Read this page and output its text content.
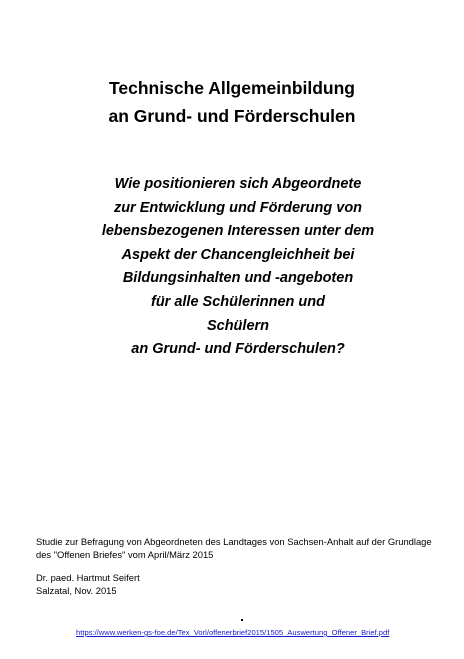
Technische Allgemeinbildung
an Grund- und Förderschulen
Wie positionieren sich Abgeordnete
zur Entwicklung und Förderung von
lebensbezogenen Interessen unter dem
Aspekt der Chancengleichheit bei
Bildungsinhalten und -angeboten
für alle Schülerinnen und
Schülern
an Grund- und Förderschulen?
Studie zur Befragung von Abgeordneten des Landtages von Sachsen-Anhalt auf der Grundlage
des "Offenen Briefes" vom April/März 2015
Dr. paed. Hartmut Seifert
Salzatal, Nov. 2015
https://www.werken-gs-foe.de/Tex_Vorl/offenerbrief2015/1505_Auswertung_Offener_Brief.pdf
